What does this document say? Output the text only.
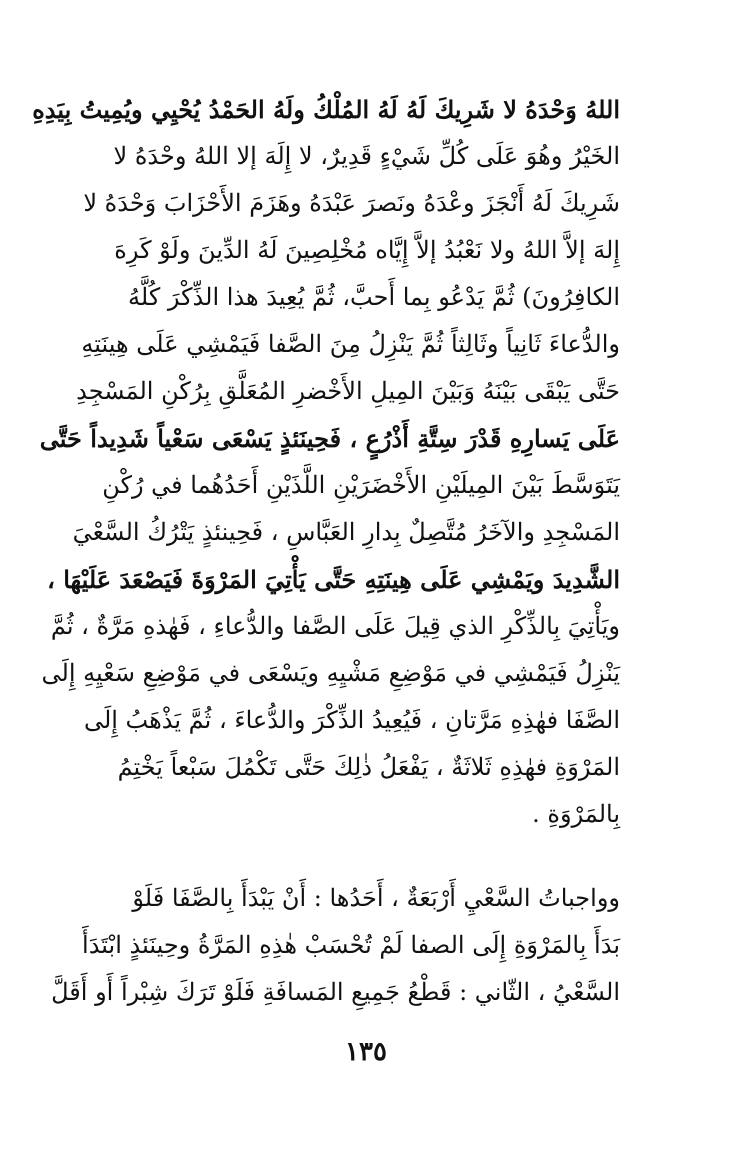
اللهُ وَحْدَهُ لا شَرِيكَ لَهُ لَهُ المُلْكُ ولَهُ الحَمْدُ يُحْيِي ويُمِيتُ بِيَدِهِ
الخَيْرُ وهُوَ عَلَى كُلِّ شَيْءٍ قَدِيرٌ، لا إِلَهَ إلا اللهُ وحْدَهُ لا
شَرِيكَ لَهُ أَنْجَزَ وعْدَهُ ونَصرَ عَبْدَهُ وهَزَمَ الأَحْزَابَ وَحْدَهُ لا
إِلهَ إلاَّ اللهُ ولا نَعْبُدُ إلاَّ إِيَّاه مُخْلِصِينَ لَهُ الدِّينَ ولَوْ كَرِهَ
الكافِرُونَ) ثُمَّ يَدْعُو بِما أَحبَّ، ثُمَّ يُعِيدَ هذا الذِّكْرَ كُلَّهُ
والدُّعاءَ ثَانِياً وثَالِثاً ثُمَّ يَنْزِلُ مِنَ الصَّفا فَيَمْشِي عَلَى هِينَتِهِ
حَتَّى يَبْقَى بَيْنَهُ وَبَيْنَ المِيلِ الأَخْضرِ المُعَلَّقِ بِرُكْنِ المَسْجِدِ
عَلَى يَسارِهِ قَدْرَ سِتَّةِ أَذْرُعٍ ، فَحِينَئذٍ يَسْعَى سَعْياً شَدِيداً حَتَّى
يَتَوَسَّطَ بَيْنَ المِيلَيْنِ الأَخْضَرَيْنِ اللَّذَيْنِ أَحَدُهُما في رُكْنِ
المَسْجِدِ والآخَرُ مُتَّصِلٌ بِدارِ العَبَّاسِ ، فَحِينئذٍ يَتْرُكُ السَّعْيَ
الشَّدِيدَ ويَمْشِي عَلَى هِينَتِهِ حَتَّى يَأْتِيَ المَرْوَةَ فَيَصْعَدَ عَلَيْهَا ،
ويَأْتِيَ بِالذِّكْرِ الذي قِيلَ عَلَى الصَّفا والدُّعاءِ ، فَهٰذهِ مَرَّةٌ ، ثُمَّ
يَنْزِلُ فَيَمْشِي في مَوْضِعِ مَشْيِهِ ويَسْعَى في مَوْضِعِ سَعْيِهِ إِلَى
الصَّفَا فهٰذِهِ مَرَّتانِ ، فَيُعِيدُ الذِّكْرَ والدُّعاءَ ، ثُمَّ يَذْهَبُ إِلَى
المَرْوَةِ فهٰذِهِ ثَلاثَةٌ ، يَفْعَلُ ذٰلِكَ حَتَّى تَكْمُلَ سَبْعاً يَخْتِمُ
بِالمَرْوَةِ .
وواجباتُ السَّعْيِ أَرْبَعَةٌ ، أَحَدُها : أَنْ يَبْدَأَ بِالصَّفَا فَلَوْ
بَدَأَ بِالمَرْوَةِ إِلَى الصفا لَمْ تُحْسَبْ هٰذِهِ المَرَّةُ وحِينَئذٍ ابْتَدَأَ
السَّعْيُ ، الثّاني : قَطْعُ جَمِيعِ المَسافَةِ فَلَوْ تَرَكَ شِبْراً أَو أَقَلَّ
١٣٥
